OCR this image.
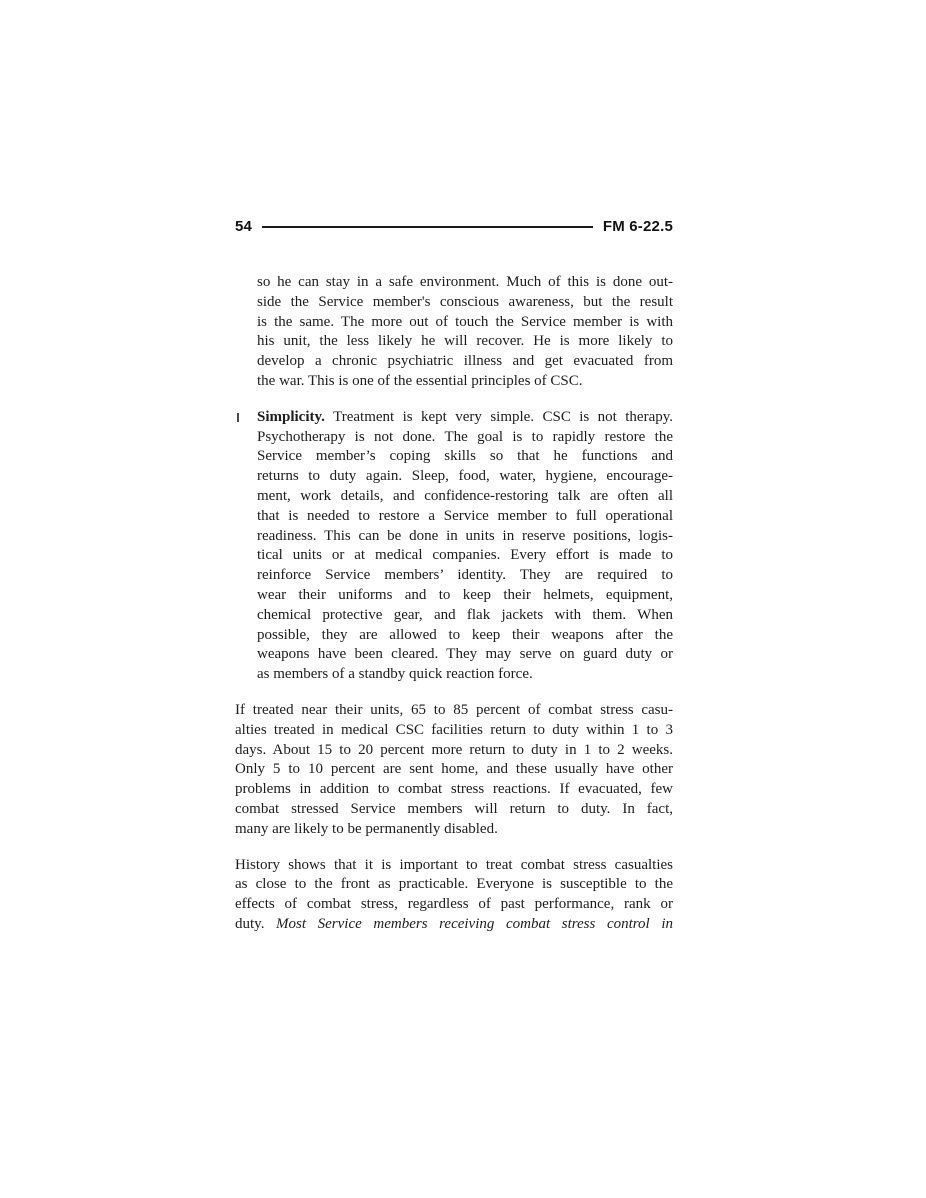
54	FM 6-22.5
so he can stay in a safe environment. Much of this is done out-
side the Service member's conscious awareness, but the result
is the same. The more out of touch the Service member is with
his unit, the less likely he will recover. He is more likely to
develop a chronic psychiatric illness and get evacuated from
the war. This is one of the essential principles of CSC.
Simplicity. Treatment is kept very simple. CSC is not therapy.
Psychotherapy is not done. The goal is to rapidly restore the
Service member’s coping skills so that he functions and
returns to duty again. Sleep, food, water, hygiene, encourage-
ment, work details, and confidence-restoring talk are often all
that is needed to restore a Service member to full operational
readiness. This can be done in units in reserve positions, logis-
tical units or at medical companies. Every effort is made to
reinforce Service members’ identity. They are required to
wear their uniforms and to keep their helmets, equipment,
chemical protective gear, and flak jackets with them. When
possible, they are allowed to keep their weapons after the
weapons have been cleared. They may serve on guard duty or
as members of a standby quick reaction force.
If treated near their units, 65 to 85 percent of combat stress casu-
alties treated in medical CSC facilities return to duty within 1 to 3
days. About 15 to 20 percent more return to duty in 1 to 2 weeks.
Only 5 to 10 percent are sent home, and these usually have other
problems in addition to combat stress reactions. If evacuated, few
combat stressed Service members will return to duty. In fact,
many are likely to be permanently disabled.
History shows that it is important to treat combat stress casualties
as close to the front as practicable. Everyone is susceptible to the
effects of combat stress, regardless of past performance, rank or
duty. Most Service members receiving combat stress control in
